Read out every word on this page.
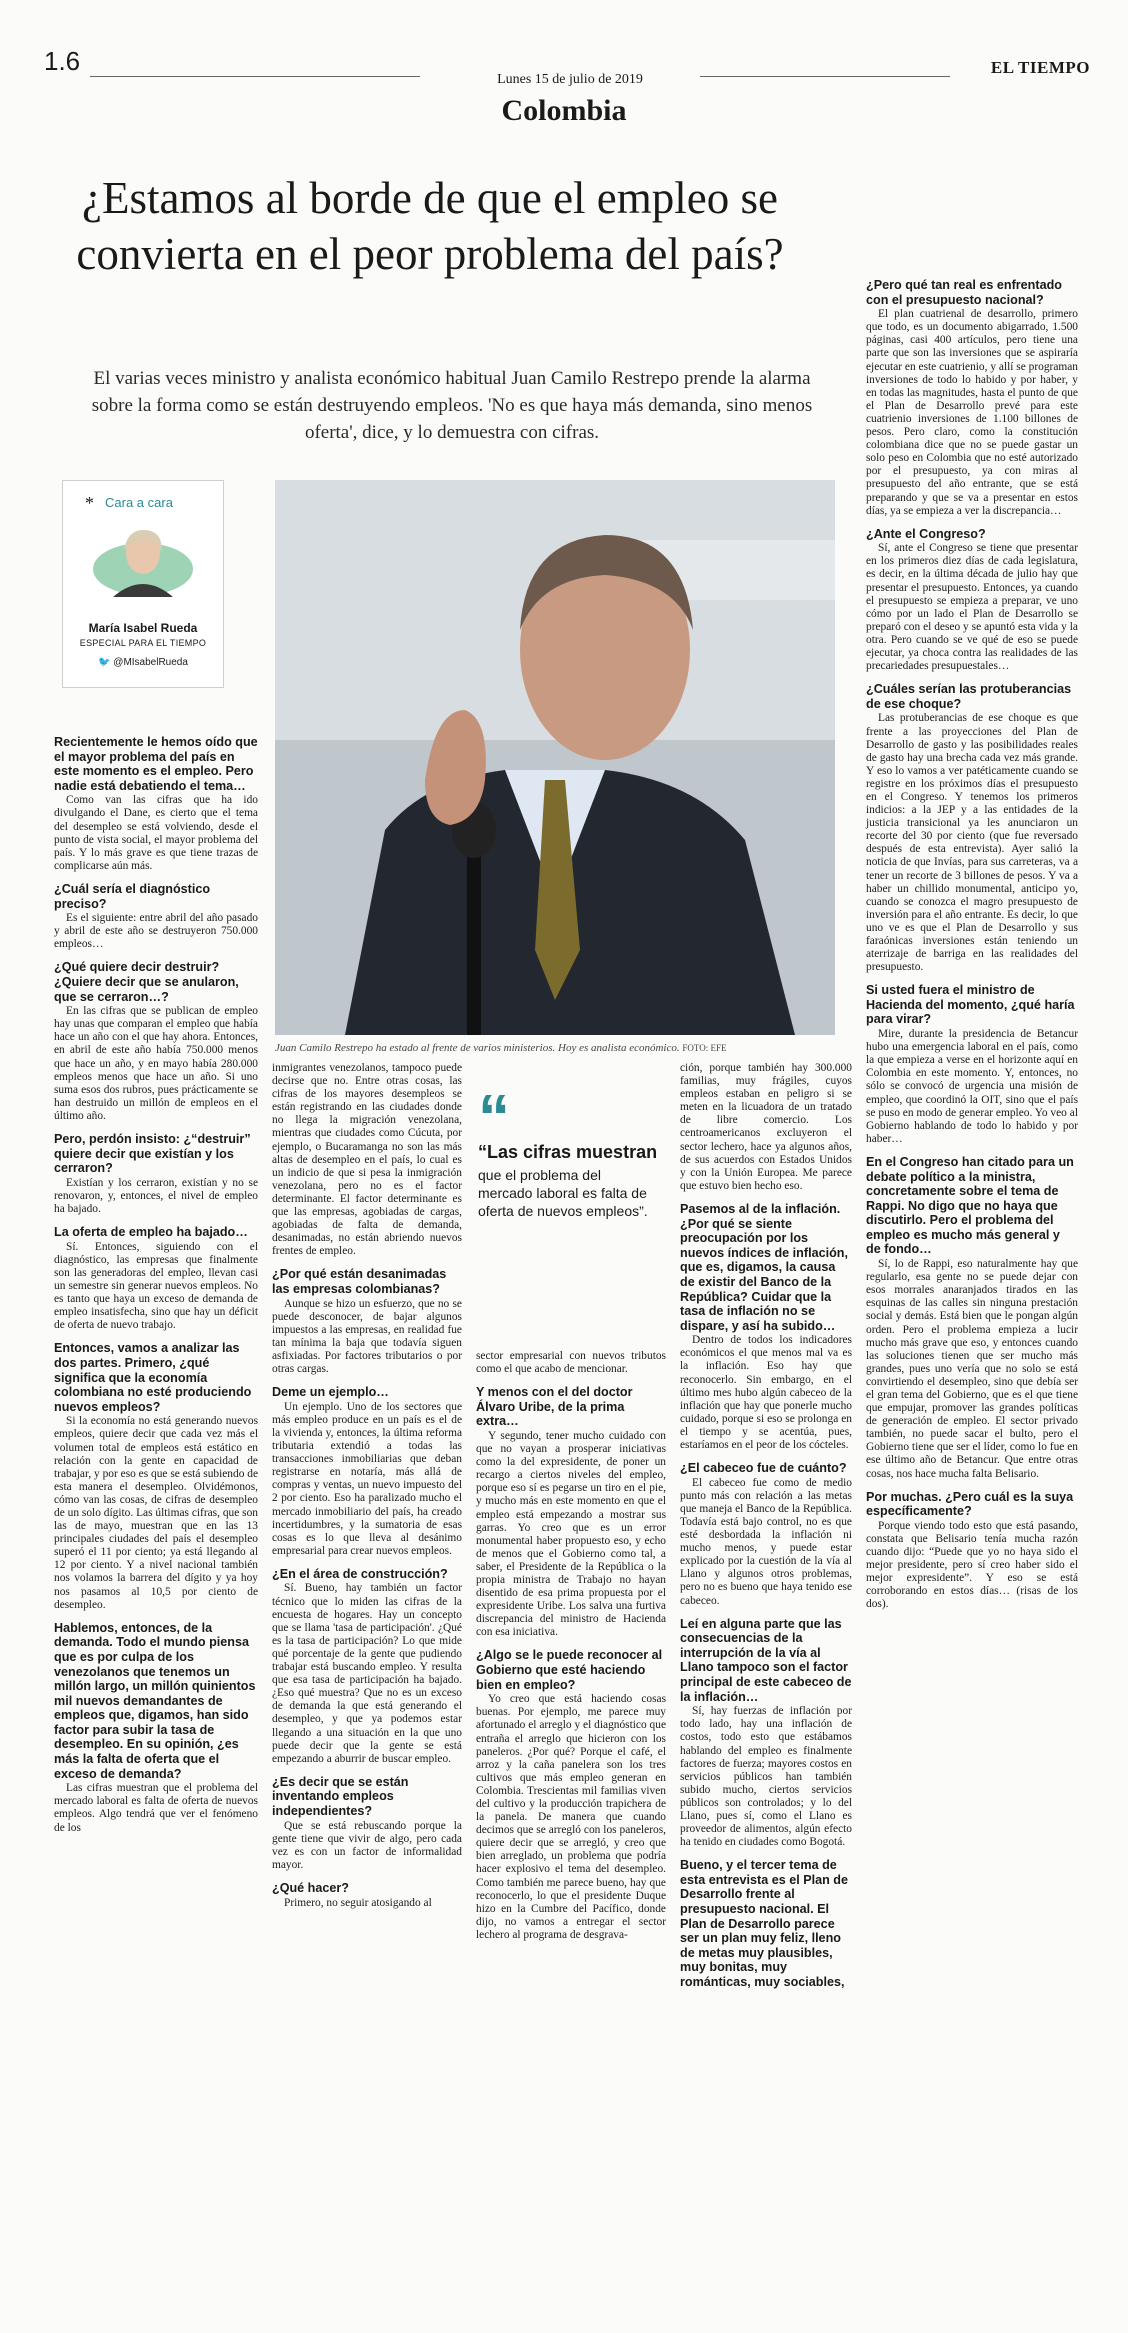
1.6
Lunes 15 de julio de 2019
EL TIEMPO
Colombia
¿Estamos al borde de que el empleo se convierta en el peor problema del país?
El varias veces ministro y analista económico habitual Juan Camilo Restrepo prende la alarma sobre la forma como se están destruyendo empleos. 'No es que haya más demanda, sino menos oferta', dice, y lo demuestra con cifras.
* Cara a cara
María Isabel Rueda
ESPECIAL PARA EL TIEMPO
🐦 @MIsabelRueda
Juan Camilo Restrepo ha estado al frente de varios ministerios. Hoy es analista económico. FOTO: EFE
“
“Las cifras muestran
que el problema del mercado laboral es falta de oferta de nuevos empleos”.
Recientemente le hemos oído que el mayor problema del país en este momento es el empleo. Pero nadie está debatiendo el tema…

Como van las cifras que ha ido divulgando el Dane, es cierto que el tema del desempleo se está volviendo, desde el punto de vista social, el mayor problema del país. Y lo más grave es que tiene trazas de complicarse aún más.

¿Cuál sería el diagnóstico preciso?

Es el siguiente: entre abril del año pasado y abril de este año se destruyeron 750.000 empleos…

¿Qué quiere decir destruir? ¿Quiere decir que se anularon, que se cerraron…?

En las cifras que se publican de empleo hay unas que comparan el empleo que había hace un año con el que hay ahora. Entonces, en abril de este año había 750.000 menos que hace un año, y en mayo había 280.000 empleos menos que hace un año. Si uno suma esos dos rubros, pues prácticamente se han destruido un millón de empleos en el último año.

Pero, perdón insisto: ¿“destruir” quiere decir que existían y los cerraron?

Existían y los cerraron, existían y no se renovaron, y, entonces, el nivel de empleo ha bajado.

La oferta de empleo ha bajado…

Sí. Entonces, siguiendo con el diagnóstico, las empresas que finalmente son las generadoras del empleo, llevan casi un semestre sin generar nuevos empleos. No es tanto que haya un exceso de demanda de empleo insatisfecha, sino que hay un déficit de oferta de nuevo trabajo.

Entonces, vamos a analizar las dos partes. Primero, ¿qué significa que la economía colombiana no esté produciendo nuevos empleos?

Si la economía no está generando nuevos empleos, quiere decir que cada vez más el volumen total de empleos está estático en relación con la gente en capacidad de trabajar, y por eso es que se está subiendo de esta manera el desempleo. Olvidémonos, cómo van las cosas, de cifras de desempleo de un solo dígito. Las últimas cifras, que son las de mayo, muestran que en las 13 principales ciudades del país el desempleo superó el 11 por ciento; ya está llegando al 12 por ciento. Y a nivel nacional también nos volamos la barrera del dígito y ya hoy nos pasamos al 10,5 por ciento de desempleo.

Hablemos, entonces, de la demanda. Todo el mundo piensa que es por culpa de los venezolanos que tenemos un millón largo, un millón quinientos mil nuevos demandantes de empleos que, digamos, han sido factor para subir la tasa de desempleo. En su opinión, ¿es más la falta de oferta que el exceso de demanda?

Las cifras muestran que el problema del mercado laboral es falta de oferta de nuevos empleos. Algo tendrá que ver el fenómeno de los

inmigrantes venezolanos, tampoco puede decirse que no. Entre otras cosas, las cifras de los mayores desempleos se están registrando en las ciudades donde no llega la migración venezolana, mientras que ciudades como Cúcuta, por ejemplo, o Bucaramanga no son las más altas de desempleo en el país, lo cual es un indicio de que si pesa la inmigración venezolana, pero no es el factor determinante. El factor determinante es que las empresas, agobiadas de cargas, agobiadas de falta de demanda, desanimadas, no están abriendo nuevos frentes de empleo.

¿Por qué están desanimadas las empresas colombianas?

Aunque se hizo un esfuerzo, que no se puede desconocer, de bajar algunos impuestos a las empresas, en realidad fue tan mínima la baja que todavía siguen asfixiadas. Por factores tributarios o por otras cargas.

Deme un ejemplo…

Un ejemplo. Uno de los sectores que más empleo produce en un país es el de la vivienda y, entonces, la última reforma tributaria extendió a todas las transacciones inmobiliarias que deban registrarse en notaría, más allá de compras y ventas, un nuevo impuesto del 2 por ciento. Eso ha paralizado mucho el mercado inmobiliario del país, ha creado incertidumbres, y la sumatoria de esas cosas es lo que lleva al desánimo empresarial para crear nuevos empleos.

¿En el área de construcción?

Sí. Bueno, hay también un factor técnico que lo miden las cifras de la encuesta de hogares. Hay un concepto que se llama 'tasa de participación'. ¿Qué es la tasa de participación? Lo que mide qué porcentaje de la gente que pudiendo trabajar está buscando empleo. Y resulta que esa tasa de participación ha bajado. ¿Eso qué muestra? Que no es un exceso de demanda la que está generando el desempleo, y que ya podemos estar llegando a una situación en la que uno puede decir que la gente se está empezando a aburrir de buscar empleo.

¿Es decir que se están inventando empleos independientes?

Que se está rebuscando porque la gente tiene que vivir de algo, pero cada vez es con un factor de informalidad mayor.

¿Qué hacer?

Primero, no seguir atosigando al

sector empresarial con nuevos tributos como el que acabo de mencionar.

Y menos con el del doctor Álvaro Uribe, de la prima extra…

Y segundo, tener mucho cuidado con que no vayan a prosperar iniciativas como la del expresidente, de poner un recargo a ciertos niveles del empleo, porque eso sí es pegarse un tiro en el pie, y mucho más en este momento en que el empleo está empezando a mostrar sus garras. Yo creo que es un error monumental haber propuesto eso, y echo de menos que el Gobierno como tal, a saber, el Presidente de la República o la propia ministra de Trabajo no hayan disentido de esa prima propuesta por el expresidente Uribe. Los salva una furtiva discrepancia del ministro de Hacienda con esa iniciativa.

¿Algo se le puede reconocer al Gobierno que esté haciendo bien en empleo?

Yo creo que está haciendo cosas buenas. Por ejemplo, me parece muy afortunado el arreglo y el diagnóstico que entraña el arreglo que hicieron con los paneleros. ¿Por qué? Porque el café, el arroz y la caña panelera son los tres cultivos que más empleo generan en Colombia. Trescientas mil familias viven del cultivo y la producción trapichera de la panela. De manera que cuando decimos que se arregló con los paneleros, quiere decir que se arregló, y creo que bien arreglado, un problema que podría hacer explosivo el tema del desempleo. Como también me parece bueno, hay que reconocerlo, lo que el presidente Duque hizo en la Cumbre del Pacífico, donde dijo, no vamos a entregar el sector lechero al programa de desgrava-

ción, porque también hay 300.000 familias, muy frágiles, cuyos empleos estaban en peligro si se meten en la licuadora de un tratado de libre comercio. Los centroamericanos excluyeron el sector lechero, hace ya algunos años, de sus acuerdos con Estados Unidos y con la Unión Europea. Me parece que estuvo bien hecho eso.

Pasemos al de la inflación. ¿Por qué se siente preocupación por los nuevos índices de inflación, que es, digamos, la causa de existir del Banco de la República? Cuidar que la tasa de inflación no se dispare, y así ha subido…

Dentro de todos los indicadores económicos el que menos mal va es la inflación. Eso hay que reconocerlo. Sin embargo, en el último mes hubo algún cabeceo de la inflación que hay que ponerle mucho cuidado, porque si eso se prolonga en el tiempo y se acentúa, pues, estaríamos en el peor de los cócteles.

¿El cabeceo fue de cuánto?

El cabeceo fue como de medio punto más con relación a las metas que maneja el Banco de la República. Todavía está bajo control, no es que esté desbordada la inflación ni mucho menos, y puede estar explicado por la cuestión de la vía al Llano y algunos otros problemas, pero no es bueno que haya tenido ese cabeceo.

Leí en alguna parte que las consecuencias de la interrupción de la vía al Llano tampoco son el factor principal de este cabeceo de la inflación…

Sí, hay fuerzas de inflación por todo lado, hay una inflación de costos, todo esto que estábamos hablando del empleo es finalmente factores de fuerza; mayores costos en servicios públicos han también subido mucho, ciertos servicios públicos son controlados; y lo del Llano, pues sí, como el Llano es proveedor de alimentos, algún efecto ha tenido en ciudades como Bogotá.

Bueno, y el tercer tema de esta entrevista es el Plan de Desarrollo frente al presupuesto nacional. El Plan de Desarrollo parece ser un plan muy feliz, lleno de metas muy plausibles, muy bonitas, muy románticas, muy sociables,
¿Pero qué tan real es enfrentado con el presupuesto nacional?

El plan cuatrienal de desarrollo, primero que todo, es un documento abigarrado, 1.500 páginas, casi 400 artículos, pero tiene una parte que son las inversiones que se aspiraría ejecutar en este cuatrienio, y allí se programan inversiones de todo lo habido y por haber, y en todas las magnitudes, hasta el punto de que el Plan de Desarrollo prevé para este cuatrienio inversiones de 1.100 billones de pesos. Pero claro, como la constitución colombiana dice que no se puede gastar un solo peso en Colombia que no esté autorizado por el presupuesto, ya con miras al presupuesto del año entrante, que se está preparando y que se va a presentar en estos días, ya se empieza a ver la discrepancia…

¿Ante el Congreso?

Sí, ante el Congreso se tiene que presentar en los primeros diez días de cada legislatura, es decir, en la última década de julio hay que presentar el presupuesto. Entonces, ya cuando el presupuesto se empieza a preparar, ve uno cómo por un lado el Plan de Desarrollo se preparó con el deseo y se apuntó esta vida y la otra. Pero cuando se ve qué de eso se puede ejecutar, ya choca contra las realidades de las precariedades presupuestales…

¿Cuáles serían las protuberancias de ese choque?

Las protuberancias de ese choque es que frente a las proyecciones del Plan de Desarrollo de gasto y las posibilidades reales de gasto hay una brecha cada vez más grande. Y eso lo vamos a ver patéticamente cuando se registre en los próximos días el presupuesto en el Congreso. Y tenemos los primeros indicios: a la JEP y a las entidades de la justicia transicional ya les anunciaron un recorte del 30 por ciento (que fue reversado después de esta entrevista). Ayer salió la noticia de que Invías, para sus carreteras, va a tener un recorte de 3 billones de pesos. Y va a haber un chillido monumental, anticipo yo, cuando se conozca el magro presupuesto de inversión para el año entrante. Es decir, lo que uno ve es que el Plan de Desarrollo y sus faraónicas inversiones están teniendo un aterrizaje de barriga en las realidades del presupuesto.

Si usted fuera el ministro de Hacienda del momento, ¿qué haría para virar?

Mire, durante la presidencia de Betancur hubo una emergencia laboral en el país, como la que empieza a verse en el horizonte aquí en Colombia en este momento. Y, entonces, no sólo se convocó de urgencia una misión de empleo, que coordinó la OIT, sino que el país se puso en modo de generar empleo. Yo veo al Gobierno hablando de todo lo habido y por haber…

En el Congreso han citado para un debate político a la ministra, concretamente sobre el tema de Rappi. No digo que no haya que discutirlo. Pero el problema del empleo es mucho más general y de fondo…

Sí, lo de Rappi, eso naturalmente hay que regularlo, esa gente no se puede dejar con esos morrales anaranjados tirados en las esquinas de las calles sin ninguna prestación social y demás. Está bien que le pongan algún orden. Pero el problema empieza a lucir mucho más grave que eso, y entonces cuando las soluciones tienen que ser mucho más grandes, pues uno vería que no solo se está convirtiendo el desempleo, sino que debía ser el gran tema del Gobierno, que es el que tiene que empujar, promover las grandes políticas de generación de empleo. El sector privado también, no puede sacar el bulto, pero el Gobierno tiene que ser el líder, como lo fue en ese último año de Betancur. Que entre otras cosas, nos hace mucha falta Belisario.

Por muchas. ¿Pero cuál es la suya específicamente?

Porque viendo todo esto que está pasando, constata que Belisario tenía mucha razón cuando dijo: “Puede que yo no haya sido el mejor presidente, pero sí creo haber sido el mejor expresidente”. Y eso se está corroborando en estos días… (risas de los dos).
